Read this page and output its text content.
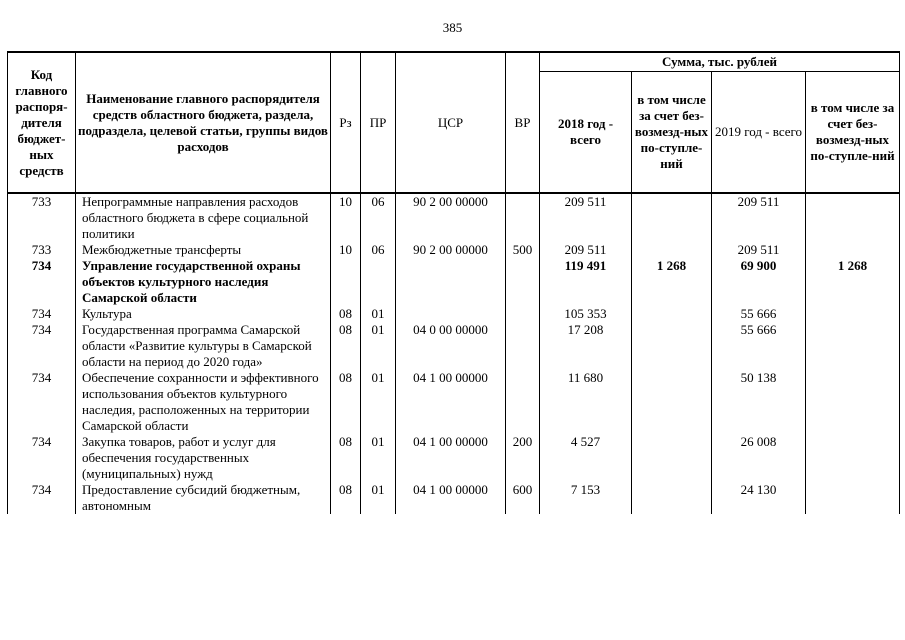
385
Код главного распоря-дителя бюджет-ных средств	Наименование главного распорядителя средств областного бюджета, раздела, подраздела, целевой статьи, группы видов расходов	Рз	ПР	ЦСР	ВР	Сумма, тыс. рублей			
						2018 год - всего	в том числе за счет без-возмезд-ных по-ступле-ний	2019 год - всего	в том числе за счет без-возмезд-ных по-ступле-ний
733	Непрограммные направления расходов областного бюджета в сфере социальной политики	10	06	90 2 00 00000		209 511		209 511	
733	Межбюджетные трансферты	10	06	90 2 00 00000	500	209 511		209 511	
734	Управление государственной охраны объектов культурного наследия Самарской области					119 491	1 268	69 900	1 268
734	Культура	08	01			105 353		55 666	
734	Государственная программа Самарской области «Развитие культуры в Самарской области на период до 2020 года»	08	01	04 0 00 00000		17 208		55 666	
734	Обеспечение сохранности и эффективного использования объектов культурного наследия, расположенных на территории Самарской области	08	01	04 1 00 00000		11 680		50 138	
734	Закупка товаров, работ и услуг для обеспечения государственных (муниципальных) нужд	08	01	04 1 00 00000	200	4 527		26 008	
734	Предоставление субсидий бюджетным, автономным	08	01	04 1 00 00000	600	7 153		24 130	
